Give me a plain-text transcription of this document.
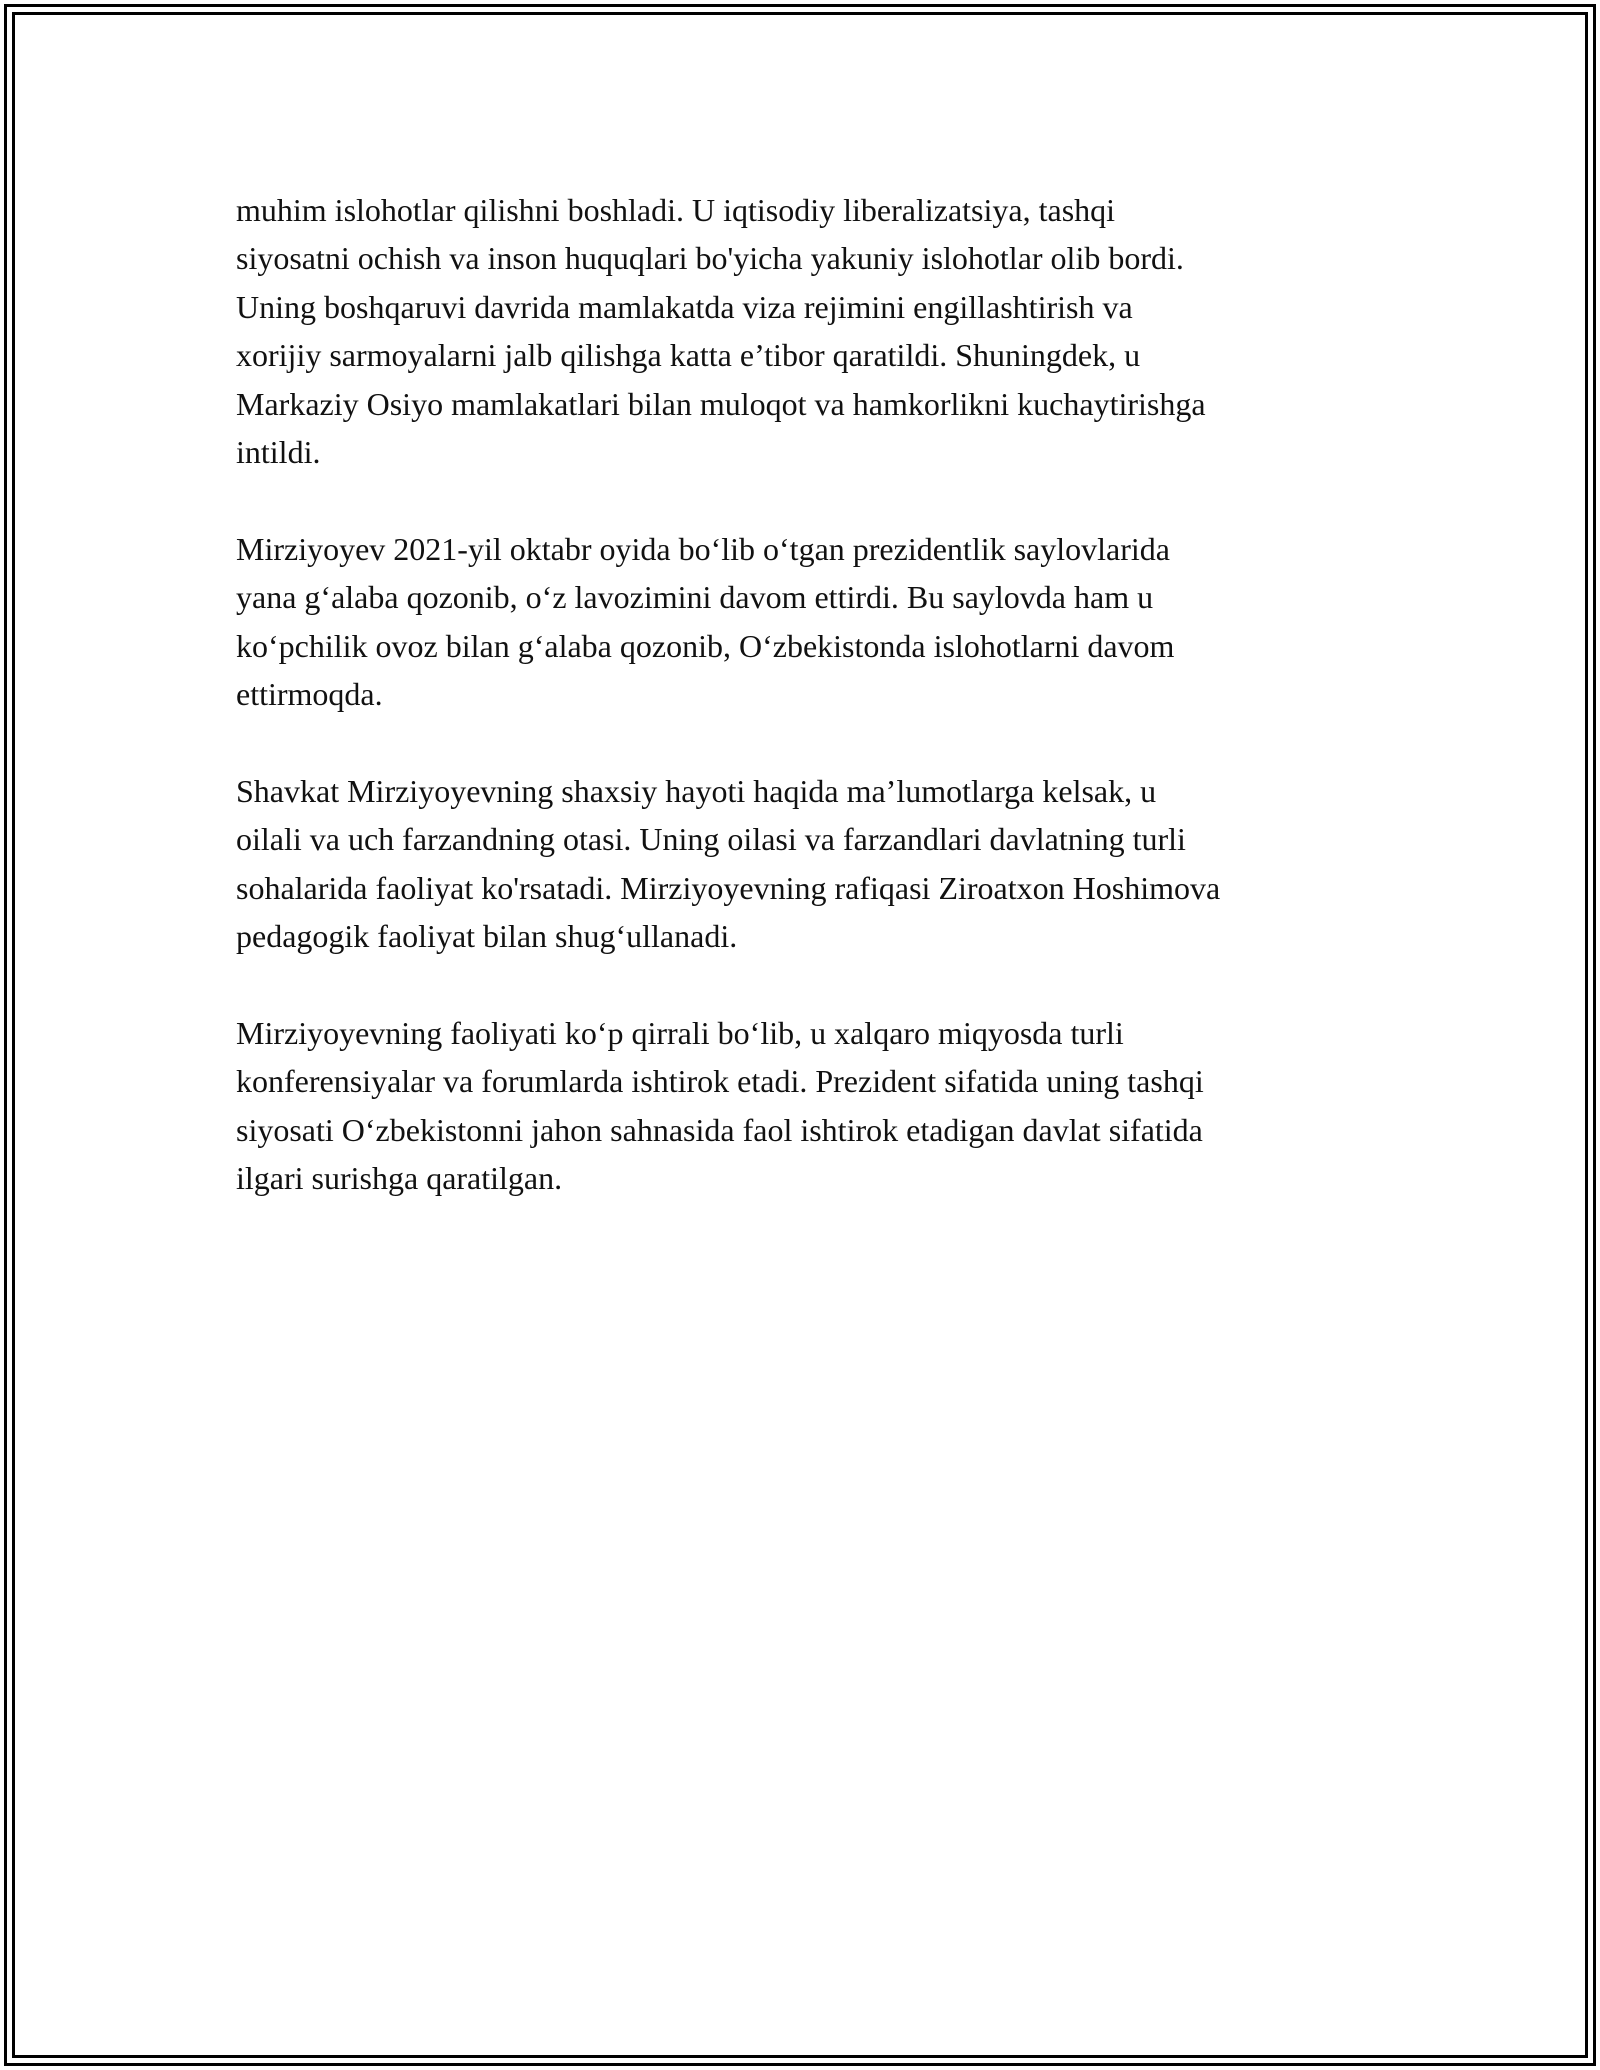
muhim islohotlar qilishni boshladi. U iqtisodiy liberalizatsiya, tashqi
siyosatni ochish va inson huquqlari bo'yicha yakuniy islohotlar olib bordi.
Uning boshqaruvi davrida mamlakatda viza rejimini engillashtirish va
xorijiy sarmoyalarni jalb qilishga katta e’tibor qaratildi. Shuningdek, u
Markaziy Osiyo mamlakatlari bilan muloqot va hamkorlikni kuchaytirishga
intildi.

Mirziyoyev 2021-yil oktabr oyida bo‘lib o‘tgan prezidentlik saylovlarida
yana g‘alaba qozonib, o‘z lavozimini davom ettirdi. Bu saylovda ham u
ko‘pchilik ovoz bilan g‘alaba qozonib, O‘zbekistonda islohotlarni davom
ettirmoqda.

Shavkat Mirziyoyevning shaxsiy hayoti haqida ma’lumotlarga kelsak, u
oilali va uch farzandning otasi. Uning oilasi va farzandlari davlatning turli
sohalarida faoliyat ko'rsatadi. Mirziyoyevning rafiqasi Ziroatxon Hoshimova
pedagogik faoliyat bilan shug‘ullanadi.

Mirziyoyevning faoliyati ko‘p qirrali bo‘lib, u xalqaro miqyosda turli
konferensiyalar va forumlarda ishtirok etadi. Prezident sifatida uning tashqi
siyosati O‘zbekistonni jahon sahnasida faol ishtirok etadigan davlat sifatida
ilgari surishga qaratilgan.
